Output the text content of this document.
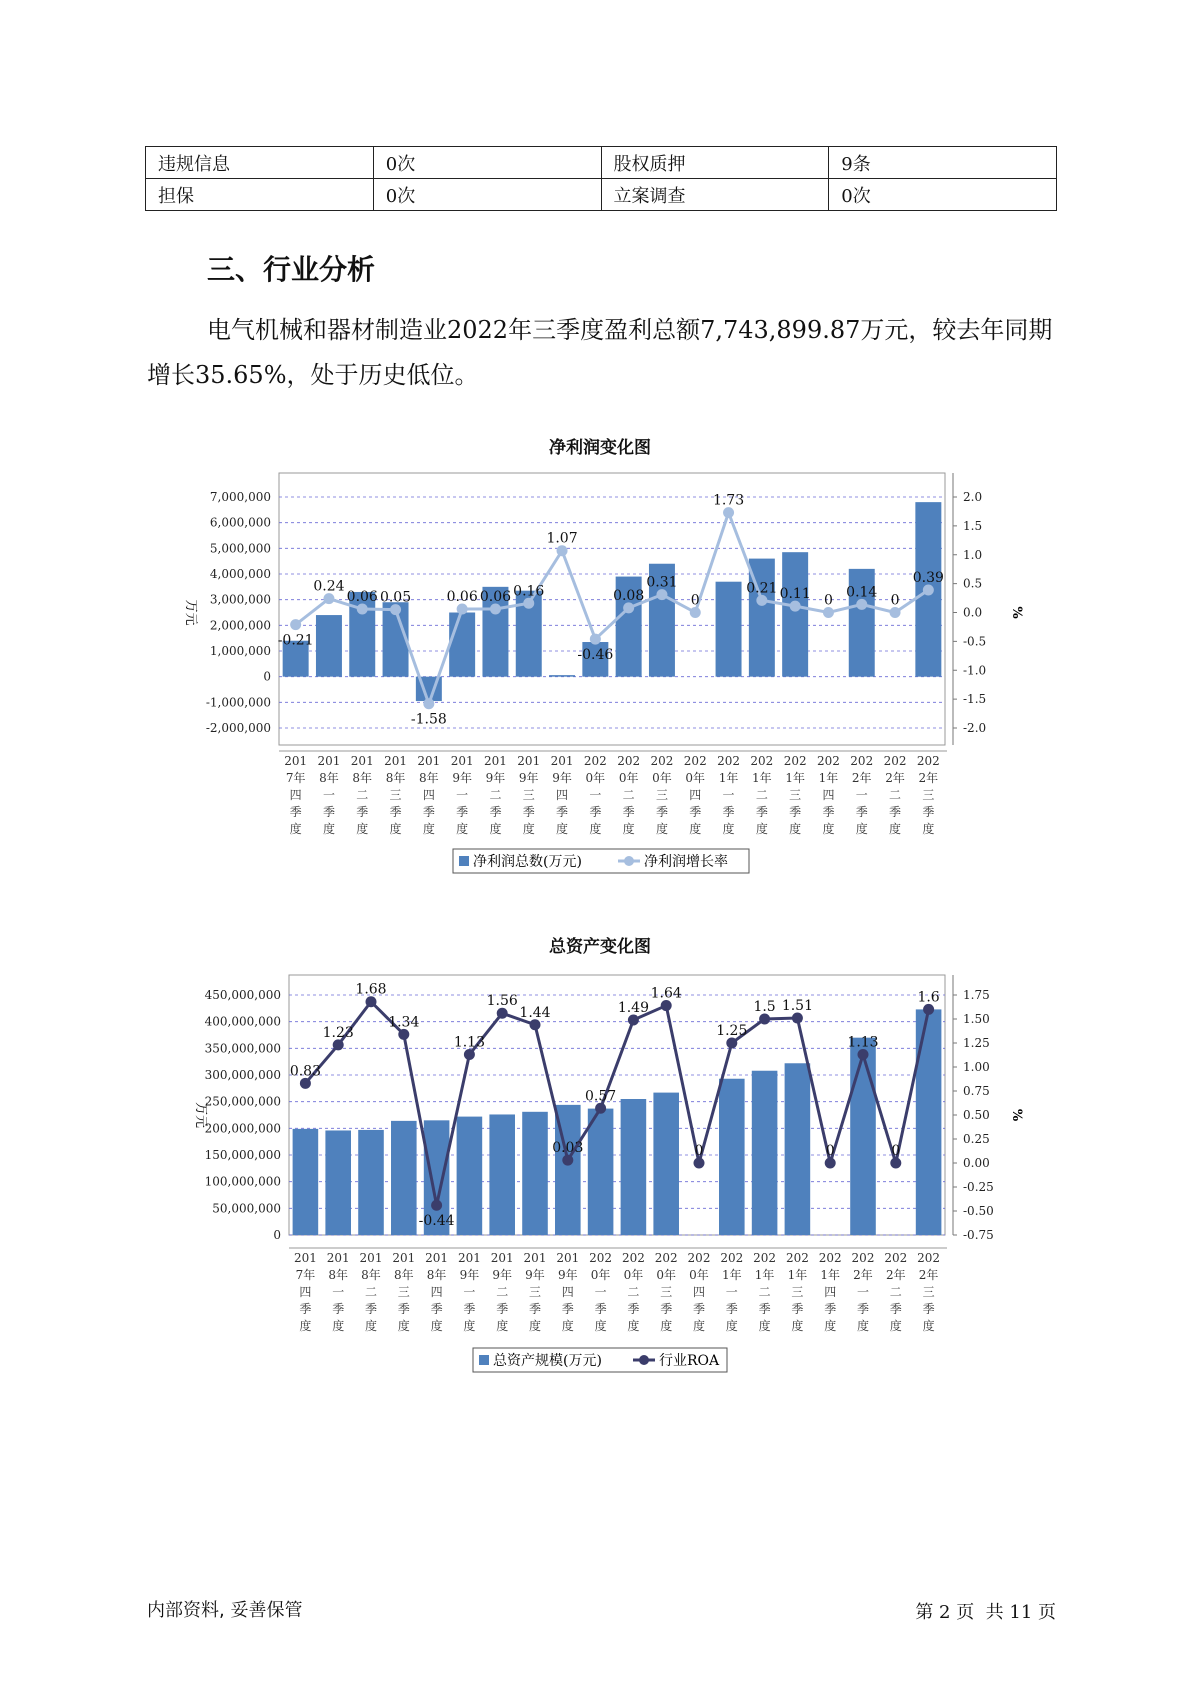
违规信息	0次	股权质押	9条
担保	0次	立案调查	0次
三、行业分析

电气机械和器材制造业2022年三季度盈利总额7,743,899.87万元，较去年同期增长35.65%，处于历史低位。

净利润变化图
7,000,000
6,000,000
5,000,000
4,000,000
3,000,000
2,000,000
1,000,000
0
-1,000,000
-2,000,000
2.0
1.5
1.0
0.5
0.0
-0.5
-1.0
-1.5
-2.0
万元	%
-0.21
0.24
0.06 0.05
-1.58
0.06 0.06 0.16
1.07
-0.46
0.08
0.31
0
1.73
0.21 0.11 0
0.14
0
0.39
201
7年
四
季
度
201
8年
一
季
度
201
8年
二
季
度
201
8年
三
季
度
201
8年
四
季
度
201
9年
一
季
度
201
9年
二
季
度
201
9年
三
季
度
201
9年
四
季
度
202
0年
一
季
度
202
0年
二
季
度
202
0年
三
季
度
202
0年
四
季
度
202
1年
一
季
度
202
1年
二
季
度
202
1年
三
季
度
202
1年
四
季
度
202
2年
一
季
度
202
2年
二
季
度
202
2年
三
季
度
净利润总数(万元)	净利润增长率
总资产变化图
450,000,000
400,000,000
350,000,000
300,000,000
250,000,000
200,000,000
150,000,000
100,000,000
50,000,000
0
1.75
1.50
1.25
1.00
0.75
0.50
0.25
0.00
-0.25
-0.50
-0.75
万元	%
0.83
1.23
1.68
1.34
-0.44
1.13
1.56
1.44
0.03
0.57
1.49
1.64
0
1.25
1.5 1.51
0
1.13
0
1.6
201
7年
四
季
度
201
8年
一
季
度
201
8年
二
季
度
201
8年
三
季
度
201
8年
四
季
度
201
9年
一
季
度
201
9年
二
季
度
201
9年
三
季
度
201
9年
四
季
度
202
0年
一
季
度
202
0年
二
季
度
202
0年
三
季
度
202
0年
四
季
度
202
1年
一
季
度
202
1年
二
季
度
202
1年
三
季
度
202
1年
四
季
度
202
2年
一
季
度
202
2年
二
季
度
202
2年
三
季
度
总资产规模(万元)	行业ROA

内部资料, 妥善保管	第 2 页  共 11 页
